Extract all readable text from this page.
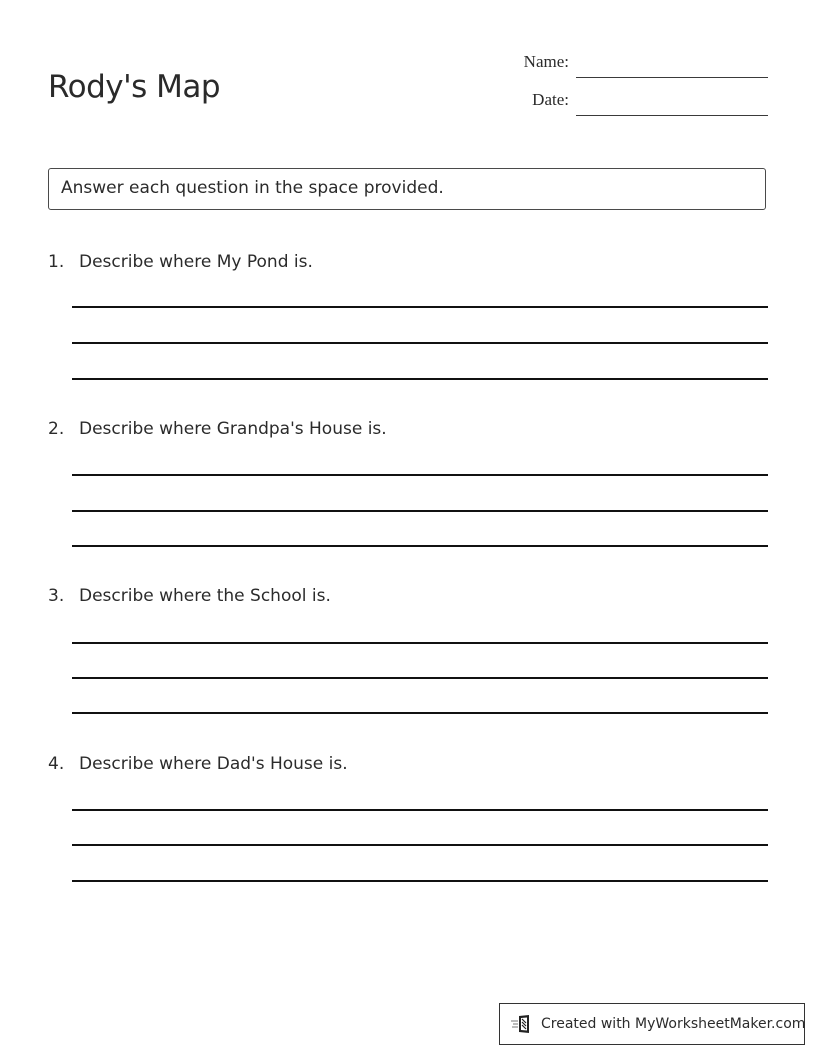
Rody's Map
Name:
Date:
Answer each question in the space provided.
1. Describe where My Pond is.
2. Describe where Grandpa's House is.
3. Describe where the School is.
4. Describe where Dad's House is.
Created with MyWorksheetMaker.com
